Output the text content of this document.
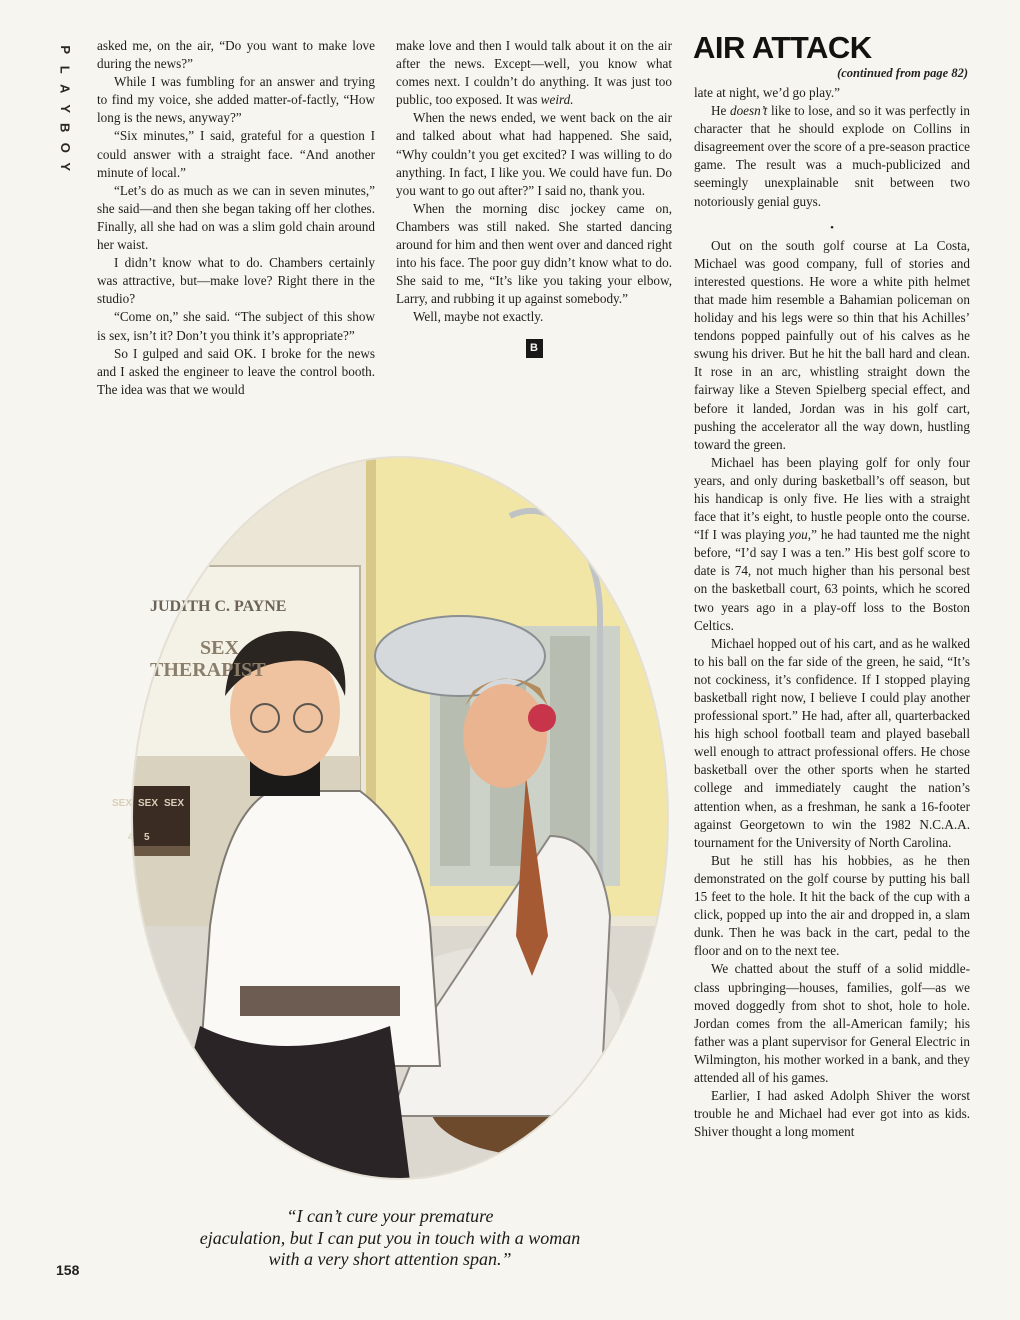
P
L
A
Y
B
O
Y

asked me, on the air, “Do you want to make love during the news?”

While I was fumbling for an answer and trying to find my voice, she added matter-of-factly, “How long is the news, anyway?”

“Six minutes,” I said, grateful for a question I could answer with a straight face. “And another minute of local.”

“Let’s do as much as we can in seven minutes,” she said—and then she began taking off her clothes. Finally, all she had on was a slim gold chain around her waist.

I didn’t know what to do. Chambers certainly was attractive, but—make love? Right there in the studio?

“Come on,” she said. “The subject of this show is sex, isn’t it? Don’t you think it’s appropriate?”

So I gulped and said OK. I broke for the news and I asked the engineer to leave the control booth. The idea was that we would

make love and then I would talk about it on the air after the news. Except—well, you know what comes next. I couldn’t do anything. It was just too public, too exposed. It was weird.

When the news ended, we went back on the air and talked about what had happened. She said, “Why couldn’t you get excited? I was willing to do anything. In fact, I like you. We could have fun. Do you want to go out after?” I said no, thank you.

When the morning disc jockey came on, Chambers was still naked. She started dancing around for him and then went over and danced right into his face. The poor guy didn’t know what to do. She said to me, “It’s like you taking your elbow, Larry, and rubbing it up against somebody.”

Well, maybe not exactly.

B
AIR ATTACK
(continued from page 82)

late at night, we’d go play.”

He doesn’t like to lose, and so it was perfectly in character that he should explode on Collins in disagreement over the score of a pre-season practice game. The result was a much-publicized and seemingly unexplainable snit between two notoriously genial guys.

•

Out on the south golf course at La Costa, Michael was good company, full of stories and interested questions. He wore a white pith helmet that made him resemble a Bahamian policeman on holiday and his legs were so thin that his Achilles’ tendons popped painfully out of his calves as he swung his driver. But he hit the ball hard and clean. It rose in an arc, whistling straight down the fairway like a Steven Spielberg special effect, and before it landed, Jordan was in his golf cart, pushing the accelerator all the way down, hustling toward the green.

Michael has been playing golf for only four years, and only during basketball’s off season, but his handicap is only five. He lies with a straight face that it’s eight, to hustle people onto the course. “If I was playing you,” he had taunted me the night before, “I’d say I was a ten.” His best golf score to date is 74, not much higher than his personal best on the basketball court, 63 points, which he scored two years ago in a play-off loss to the Boston Celtics.

Michael hopped out of his cart, and as he walked to his ball on the far side of the green, he said, “It’s not cockiness, it’s confidence. If I stopped playing basketball right now, I believe I could play another professional sport.” He had, after all, quarterbacked his high school football team and played baseball well enough to attract professional offers. He chose basketball over the other sports when he started college and immediately caught the nation’s attention when, as a freshman, he sank a 16-footer against Georgetown to win the 1982 N.C.A.A. tournament for the University of North Carolina.

But he still has his hobbies, as he then demonstrated on the golf course by putting his ball 15 feet to the hole. It hit the back of the cup with a click, popped up into the air and dropped in, a slam dunk. Then he was back in the cart, pedal to the floor and on to the next tee.

We chatted about the stuff of a solid middle-class upbringing—houses, families, golf—as we moved doggedly from shot to shot, hole to hole. Jordan comes from the all-American family; his father was a plant supervisor for General Electric in Wilmington, his mother worked in a bank, and they attended all of his games.

Earlier, I had asked Adolph Shiver the worst trouble he and Michael had ever got into as kids. Shiver thought a long moment

JUDITH C. PAYNE
SEX
THERAPIST
SEX SEX SEX
4 5
“I can’t cure your premature
ejaculation, but I can put you in touch with a woman
with a very short attention span.”
158
